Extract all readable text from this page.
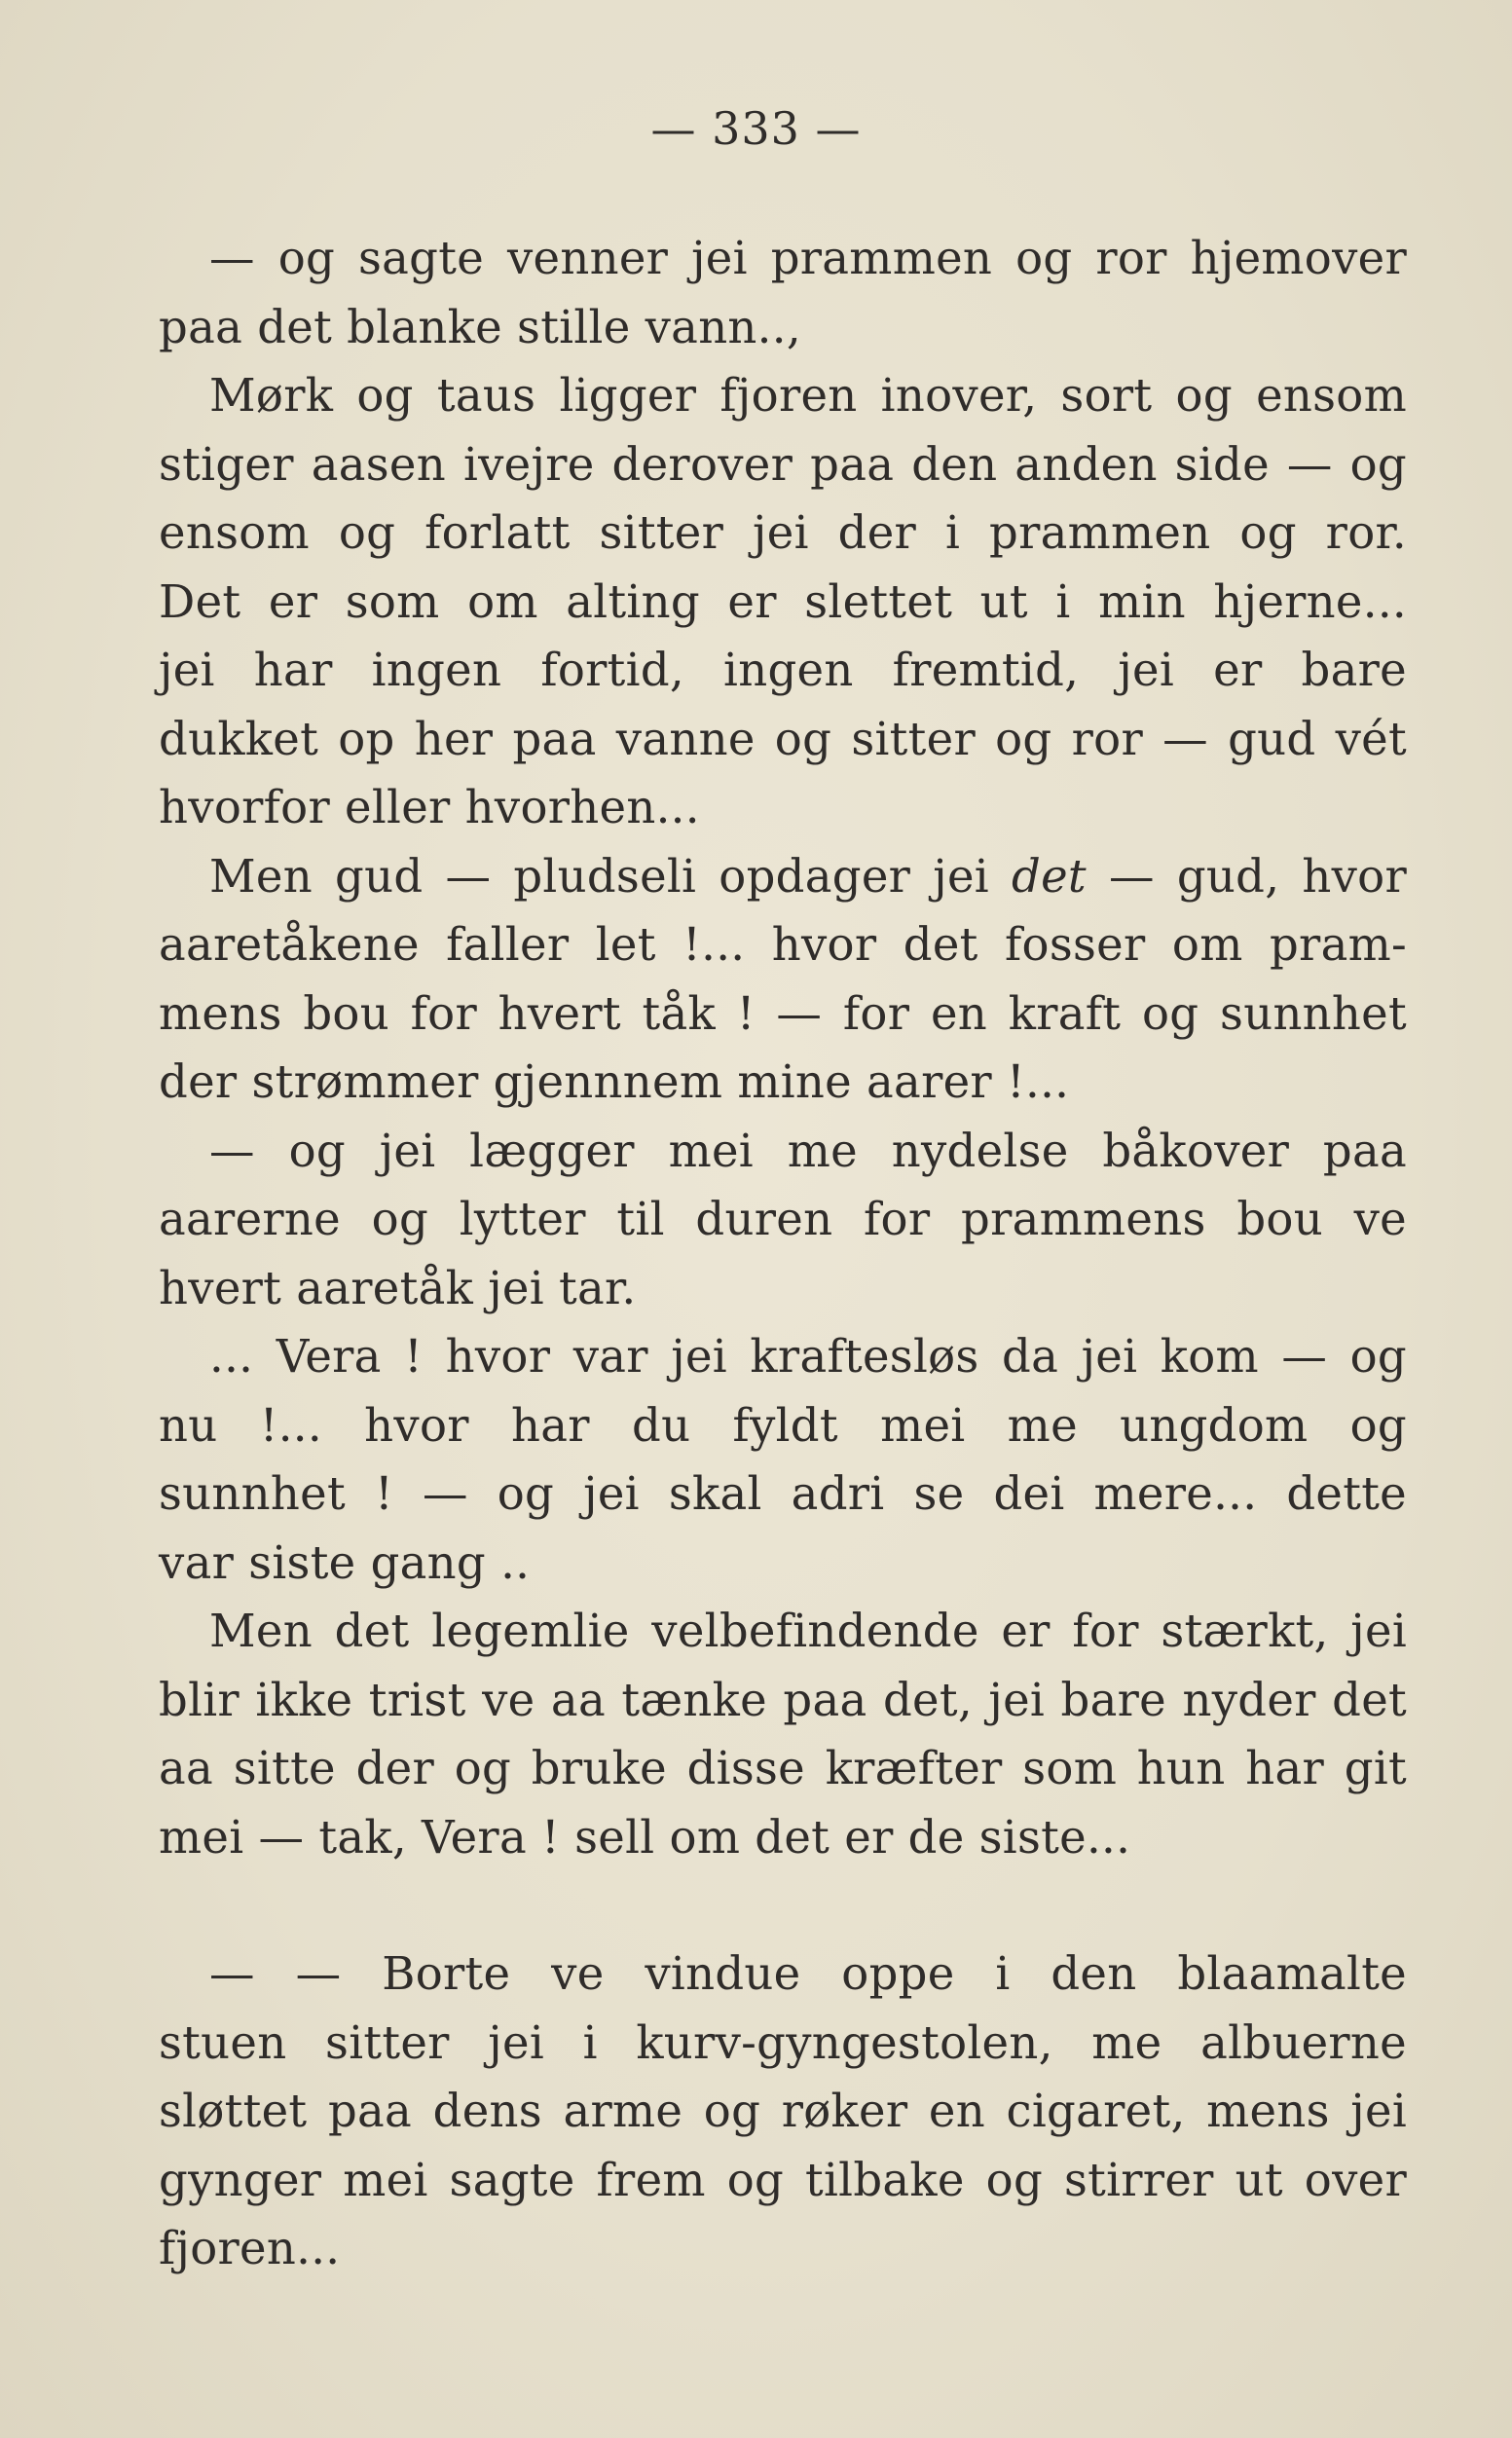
— 333 —
— og sagte venner jei prammen og ror hjemover
paa det blanke stille vann..,
Mørk og taus ligger fjoren inover, sort og ensom
stiger aasen ivejre derover paa den anden side — og
ensom og forlatt sitter jei der i prammen og ror.
Det er som om alting er slettet ut i min hjerne...
jei har ingen fortid, ingen fremtid, jei er bare
dukket op her paa vanne og sitter og ror — gud vét
hvorfor eller hvorhen...
Men gud — pludseli opdager jei det — gud, hvor
aaretåkene faller let !... hvor det fosser om pram-
mens bou for hvert tåk ! — for en kraft og sunnhet
der strømmer gjennnem mine aarer !...
— og jei lægger mei me nydelse båkover paa
aarerne og lytter til duren for prammens bou ve
hvert aaretåk jei tar.
... Vera ! hvor var jei kraftesløs da jei kom — og
nu !... hvor har du fyldt mei me ungdom og
sunnhet ! — og jei skal adri se dei mere... dette
var siste gang ..
Men det legemlie velbefindende er for stærkt, jei
blir ikke trist ve aa tænke paa det, jei bare nyder det
aa sitte der og bruke disse kræfter som hun har git
mei — tak, Vera ! sell om det er de siste...
— — Borte ve vindue oppe i den blaamalte
stuen sitter jei i kurv-gyngestolen, me albuerne
sløttet paa dens arme og røker en cigaret, mens jei
gynger mei sagte frem og tilbake og stirrer ut over
fjoren...
